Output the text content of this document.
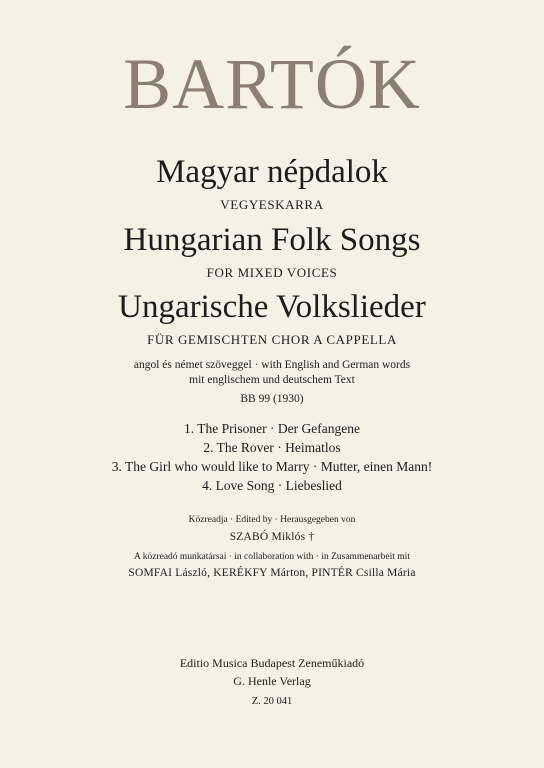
BARTÓK
Magyar népdalok
VEGYESKARRA
Hungarian Folk Songs
FOR MIXED VOICES
Ungarische Volkslieder
FÜR GEMISCHTEN CHOR A CAPPELLA
angol és német szöveggel · with English and German words
mit englischem und deutschem Text
BB 99 (1930)
1. The Prisoner · Der Gefangene
2. The Rover · Heimatlos
3. The Girl who would like to Marry · Mutter, einen Mann!
4. Love Song · Liebeslied
Közreadja · Edited by · Herausgegeben von
SZABÓ Miklós †
A közreadó munkatársai · in collaboration with · in Zusammenarbeit mit
SOMFAI László, KERÉKFY Márton, PINTÉR Csilla Mária
Editio Musica Budapest Zeneműkiadó
G. Henle Verlag
Z. 20 041
